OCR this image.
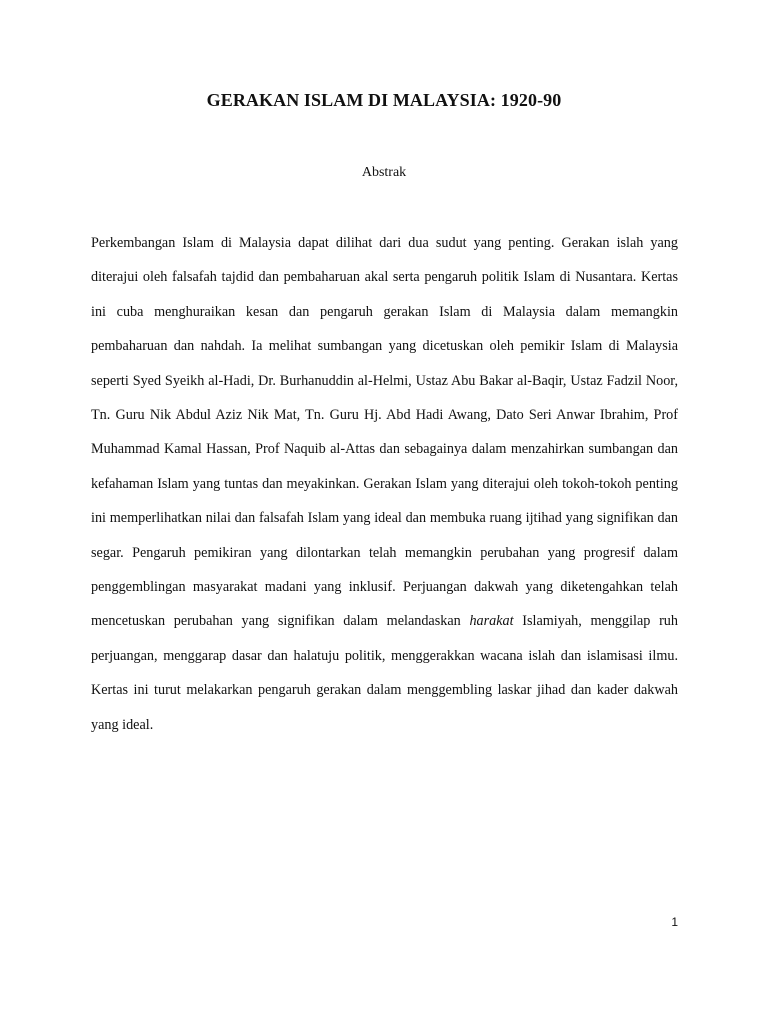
GERAKAN ISLAM DI MALAYSIA: 1920-90

Abstrak

Perkembangan Islam di Malaysia dapat dilihat dari dua sudut yang penting. Gerakan islah yang diterajui oleh falsafah tajdid dan pembaharuan akal serta pengaruh politik Islam di Nusantara. Kertas ini cuba menghuraikan kesan dan pengaruh gerakan Islam di Malaysia dalam memangkin pembaharuan dan nahdah. Ia melihat sumbangan yang dicetuskan oleh pemikir Islam di Malaysia seperti Syed Syeikh al-Hadi, Dr. Burhanuddin al-Helmi, Ustaz Abu Bakar al-Baqir, Ustaz Fadzil Noor, Tn. Guru Nik Abdul Aziz Nik Mat, Tn. Guru Hj. Abd Hadi Awang, Dato Seri Anwar Ibrahim, Prof Muhammad Kamal Hassan, Prof Naquib al-Attas dan sebagainya dalam menzahirkan sumbangan dan kefahaman Islam yang tuntas dan meyakinkan. Gerakan Islam yang diterajui oleh tokoh-tokoh penting ini memperlihatkan nilai dan falsafah Islam yang ideal dan membuka ruang ijtihad yang signifikan dan segar. Pengaruh pemikiran yang dilontarkan telah memangkin perubahan yang progresif dalam penggemblingan masyarakat madani yang inklusif. Perjuangan dakwah yang diketengahkan telah mencetuskan perubahan yang signifikan dalam melandaskan harakat Islamiyah, menggilap ruh perjuangan, menggarap dasar dan halatuju politik, menggerakkan wacana islah dan islamisasi ilmu. Kertas ini turut melakarkan pengaruh gerakan dalam menggembling laskar jihad dan kader dakwah yang ideal.

1
